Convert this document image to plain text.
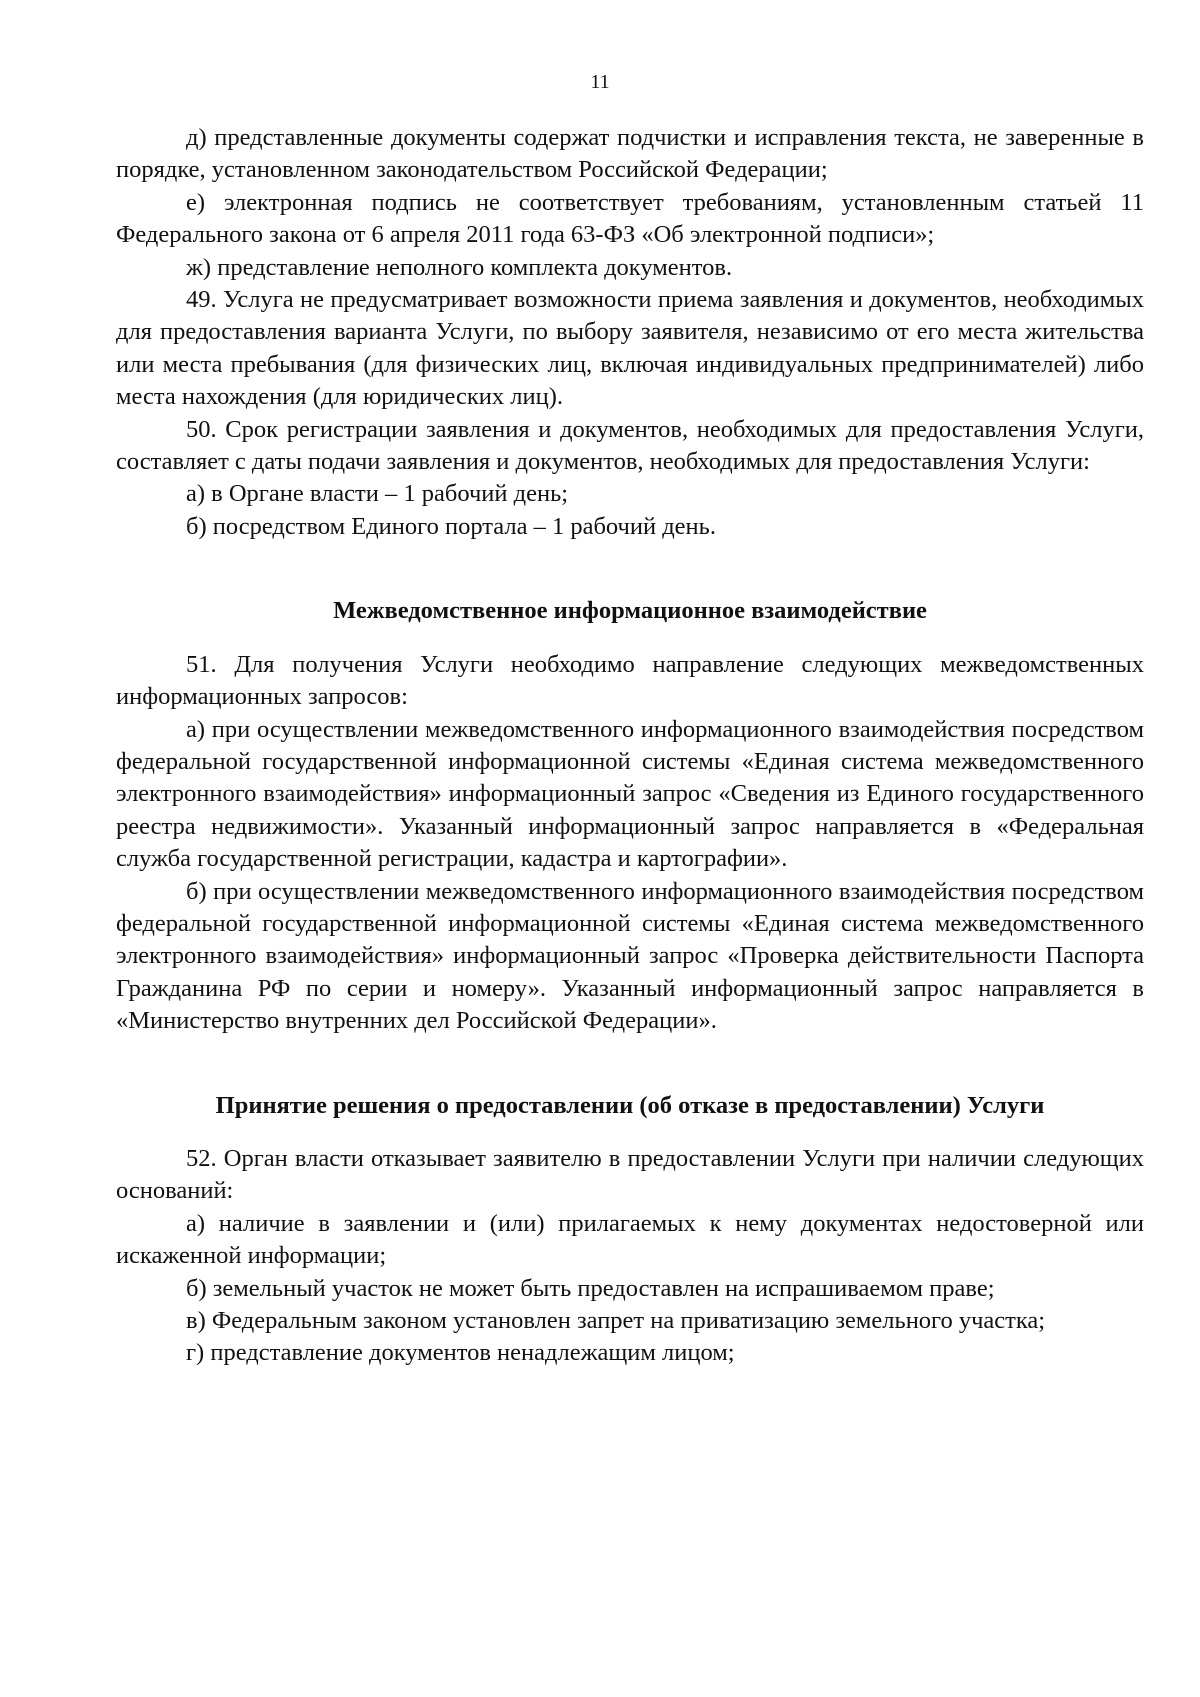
11

д) представленные документы содержат подчистки и исправления текста, не заверенные в порядке, установленном законодательством Российской Федерации;

е) электронная подпись не соответствует требованиям, установленным статьей 11 Федерального закона от 6 апреля 2011 года 63-ФЗ «Об электронной подписи»;

ж) представление неполного комплекта документов.

49. Услуга не предусматривает возможности приема заявления и документов, необходимых для предоставления варианта Услуги, по выбору заявителя, независимо от его места жительства или места пребывания (для физических лиц, включая индивидуальных предпринимателей) либо места нахождения (для юридических лиц).

50. Срок регистрации заявления и документов, необходимых для предоставления Услуги, составляет с даты подачи заявления и документов, необходимых для предоставления Услуги:

а) в Органе власти – 1 рабочий день;

б) посредством Единого портала – 1 рабочий день.

Межведомственное информационное взаимодействие

51. Для получения Услуги необходимо направление следующих межведомственных информационных запросов:

а) при осуществлении межведомственного информационного взаимодействия посредством федеральной государственной информационной системы «Единая система межведомственного электронного взаимодействия» информационный запрос «Сведения из Единого государственного реестра недвижимости». Указанный информационный запрос направляется в «Федеральная служба государственной регистрации, кадастра и картографии».

б) при осуществлении межведомственного информационного взаимодействия посредством федеральной государственной информационной системы «Единая система межведомственного электронного взаимодействия» информационный запрос «Проверка действительности Паспорта Гражданина РФ по серии и номеру». Указанный информационный запрос направляется в «Министерство внутренних дел Российской Федерации».

Принятие решения о предоставлении (об отказе в предоставлении) Услуги

52. Орган власти отказывает заявителю в предоставлении Услуги при наличии следующих оснований:

а) наличие в заявлении и (или) прилагаемых к нему документах недостоверной или искаженной информации;

б) земельный участок не может быть предоставлен на испрашиваемом праве;

в) Федеральным законом установлен запрет на приватизацию земельного участка;

г) представление документов ненадлежащим лицом;
